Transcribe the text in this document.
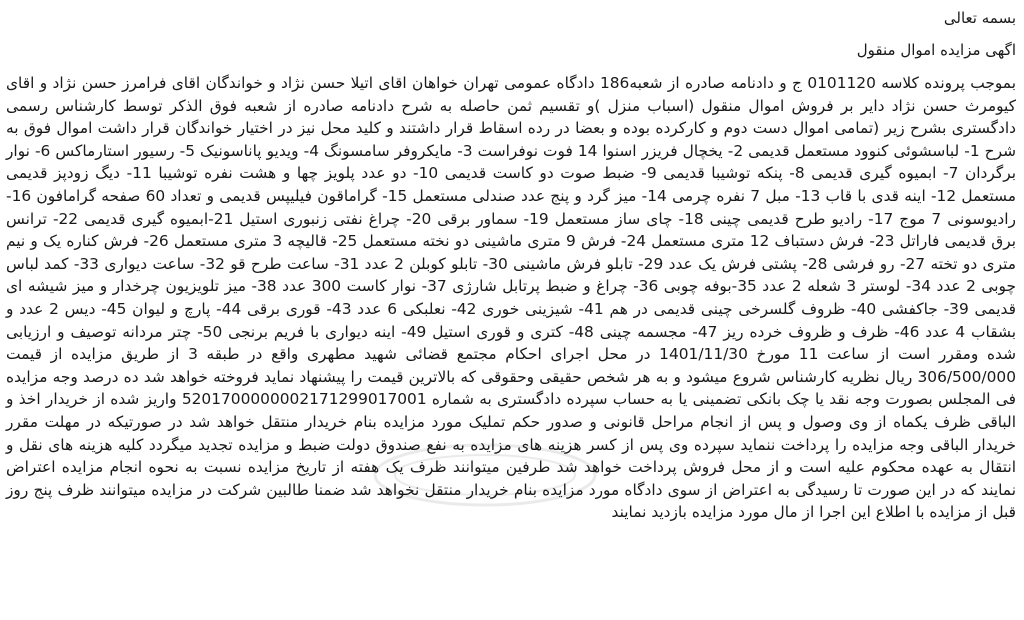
بسمه تعالی

اگهی مزایده اموال منقول

بموجب پرونده کلاسه 0101120 ج و دادنامه صادره از شعبه186 دادگاه عمومی تهران خواهان اقای اتیلا حسن نژاد و خواندگان اقای فرامرز حسن نژاد و اقای کیومرث حسن نژاد دایر بر فروش اموال منقول (اسباب منزل )و تقسیم ثمن حاصله به شرح دادنامه صادره از شعبه فوق الذکر توسط کارشناس رسمی دادگستری بشرح زیر (تمامی اموال دست دوم و کارکرده بوده و بعضا در رده اسقاط قرار داشتند و کلید محل نیز در اختیار خواندگان قرار داشت اموال فوق به شرح 1- لباسشوئی کنوود مستعمل قدیمی 2- یخچال فریزر اسنوا 14 فوت نوفراست 3- مایکروفر سامسونگ 4- ویدیو پاناسونیک 5- رسیور استارماکس 6- نوار برگردان 7- ابمیوه گیری قدیمی 8- پنکه توشیبا قدیمی 9- ضبط صوت دو کاست قدیمی 10- دو عدد پلویز چها و هشت نفره توشیبا 11- دیگ زودپز قدیمی مستعمل 12- اینه قدی با قاب 13- مبل 7 نفره چرمی 14- میز گرد و پنج عدد صندلی مستعمل 15- گراماقون فیلیپس قدیمی و تعداد 60 صفحه گرامافون 16- رادیوسونی 7 موج 17- رادیو طرح قدیمی چینی 18- چای ساز مستعمل 19- سماور برقی 20- چراغ نفتی زنبوری استیل 21-ابمیوه گیری قدیمی 22- ترانس برق قدیمی فاراتل 23- فرش دستباف 12 متری مستعمل 24- فرش 9 متری ماشینی دو نخته مستعمل 25- قالیچه 3 متری مستعمل 26- فرش کناره یک و نیم متری دو تخته 27- رو فرشی 28- پشتی فرش یک عدد 29- تابلو فرش ماشینی 30- تابلو کوبلن 2 عدد 31- ساعت طرح قو 32- ساعت دیواری 33- کمد لباس چوبی 2 عدد 34- لوستر 3 شعله 2 عدد 35-بوفه چوبی 36- چراغ و ضبط پرتابل شارژی 37- نوار کاست 300 عدد 38- میز تلویزیون چرخدار و میز شیشه ای قدیمی 39- جاکفشی 40- ظروف گلسرخی چینی قدیمی در هم 41- شیزینی خوری 42- نعلبکی 6 عدد 43- قوری برقی 44- پارچ و لیوان 45- دیس 2 عدد و بشقاب 4 عدد 46- ظرف و ظروف خرده ریز 47- مجسمه چینی 48- کتری و قوری استیل 49- اینه دیواری با فریم برنجی 50- چتر مردانه توصیف و ارزیابی شده ومقرر است از ساعت 11 مورخ 1401/11/30 در محل اجرای احکام مجتمع قضائی شهید مطهری واقع در طبقه 3 از طریق مزایده از قیمت 306/500/000 ریال نظریه کارشناس شروع میشود و به هر شخص حقیقی وحقوقی که بالاترین قیمت را پیشنهاد نماید فروخته خواهد شد ده درصد وجه مزایده فی المجلس بصورت وجه نقد یا چک بانکی تضمینی یا به حساب سپرده دادگستری به شماره 5201700000002171299017001 واریز شده از خریدار اخذ و الباقی ظرف یکماه از وی وصول و پس از انجام مراحل قانونی و صدور حکم تملیک مورد مزایده بنام خریدار منتقل خواهد شد در صورتیکه در مهلت مقرر خریدار الباقی وجه مزایده را پرداخت ننماید سپرده وی پس از کسر هزینه های مزایده به نفع صندوق دولت ضبط و مزایده تجدید میگردد کلیه هزینه های نقل و انتقال به عهده محکوم علیه است و از محل فروش پرداخت خواهد شد طرفین میتوانند ظرف یک هفته از تاریخ مزایده نسبت به نحوه انجام مزایده اعتراض نمایند که در این صورت تا رسیدگی به اعتراض از سوی دادگاه مورد مزایده بنام خریدار منتقل نخواهد شد ضمنا طالبین شرکت در مزایده میتوانند ظرف پنج روز قبل از مزایده با اطلاع این اجرا از مال مورد مزایده بازدید نمایند
